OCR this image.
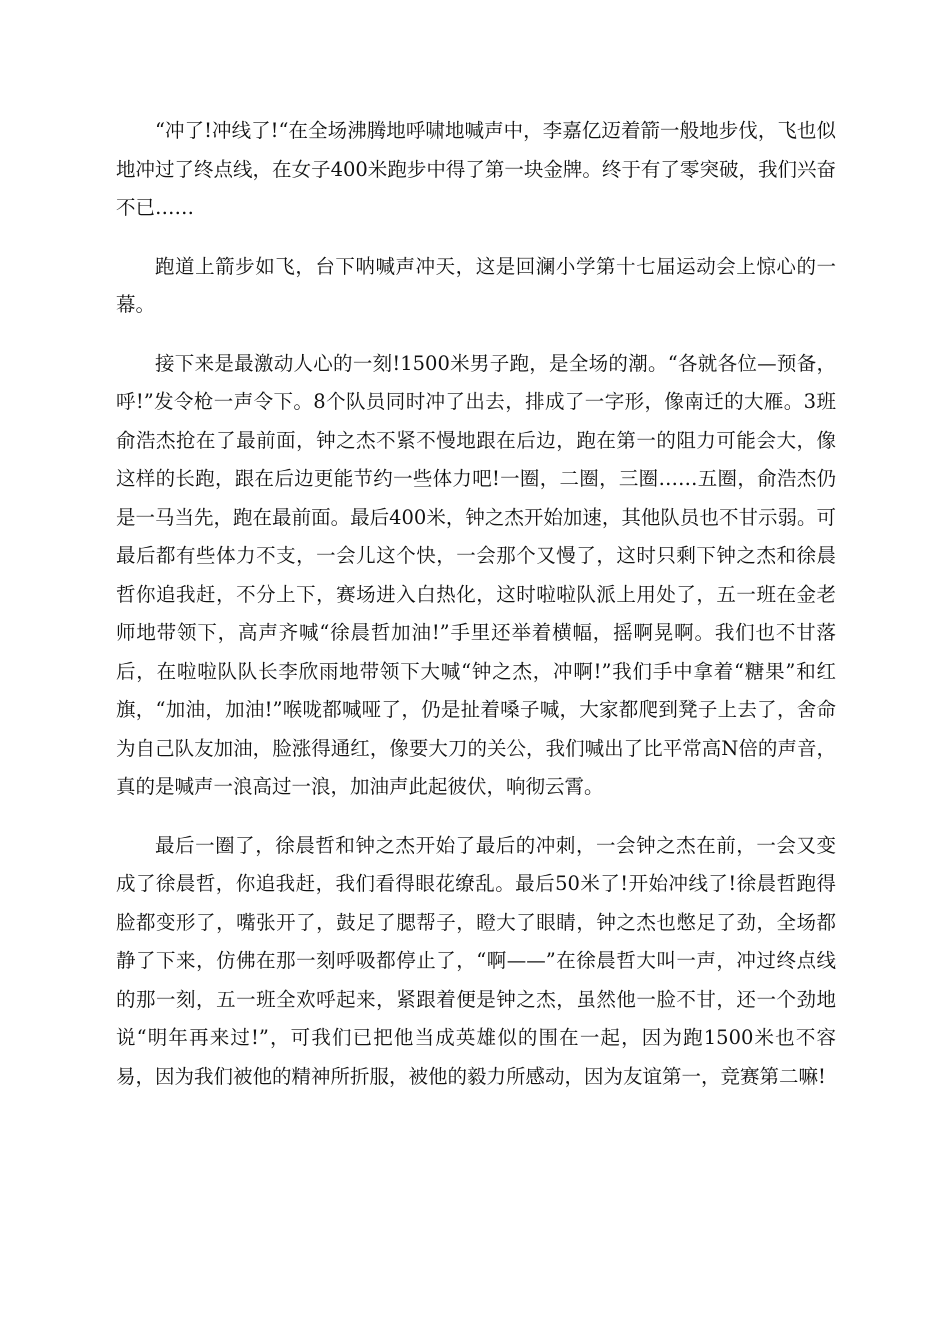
“冲了!冲线了!“在全场沸腾地呼啸地喊声中，李嘉亿迈着箭一般地步伐，飞也似地冲过了终点线，在女子400米跑步中得了第一块金牌。终于有了零突破，我们兴奋不已……

跑道上箭步如飞，台下呐喊声冲天，这是回澜小学第十七届运动会上惊心的一幕。

接下来是最激动人心的一刻!1500米男子跑，是全场的潮。“各就各位—预备，呼!”发令枪一声令下。8个队员同时冲了出去，排成了一字形，像南迁的大雁。3班俞浩杰抢在了最前面，钟之杰不紧不慢地跟在后边，跑在第一的阻力可能会大，像这样的长跑，跟在后边更能节约一些体力吧!一圈，二圈，三圈……五圈，俞浩杰仍是一马当先，跑在最前面。最后400米，钟之杰开始加速，其他队员也不甘示弱。可最后都有些体力不支，一会儿这个快，一会那个又慢了，这时只剩下钟之杰和徐晨哲你追我赶，不分上下，赛场进入白热化，这时啦啦队派上用处了，五一班在金老师地带领下，高声齐喊“徐晨哲加油!”手里还举着横幅，摇啊晃啊。我们也不甘落后，在啦啦队队长李欣雨地带领下大喊“钟之杰，冲啊!”我们手中拿着“糖果”和红旗，“加油，加油!”喉咙都喊哑了，仍是扯着嗓子喊，大家都爬到凳子上去了，舍命为自己队友加油，脸涨得通红，像要大刀的关公，我们喊出了比平常高N倍的声音，真的是喊声一浪高过一浪，加油声此起彼伏，响彻云霄。

最后一圈了，徐晨哲和钟之杰开始了最后的冲刺，一会钟之杰在前，一会又变成了徐晨哲，你追我赶，我们看得眼花缭乱。最后50米了!开始冲线了!徐晨哲跑得脸都变形了，嘴张开了，鼓足了腮帮子，瞪大了眼睛，钟之杰也憋足了劲，全场都静了下来，仿佛在那一刻呼吸都停止了，“啊——”在徐晨哲大叫一声，冲过终点线的那一刻，五一班全欢呼起来，紧跟着便是钟之杰，虽然他一脸不甘，还一个劲地说“明年再来过!”，可我们已把他当成英雄似的围在一起，因为跑1500米也不容易，因为我们被他的精神所折服，被他的毅力所感动，因为友谊第一，竞赛第二嘛!
